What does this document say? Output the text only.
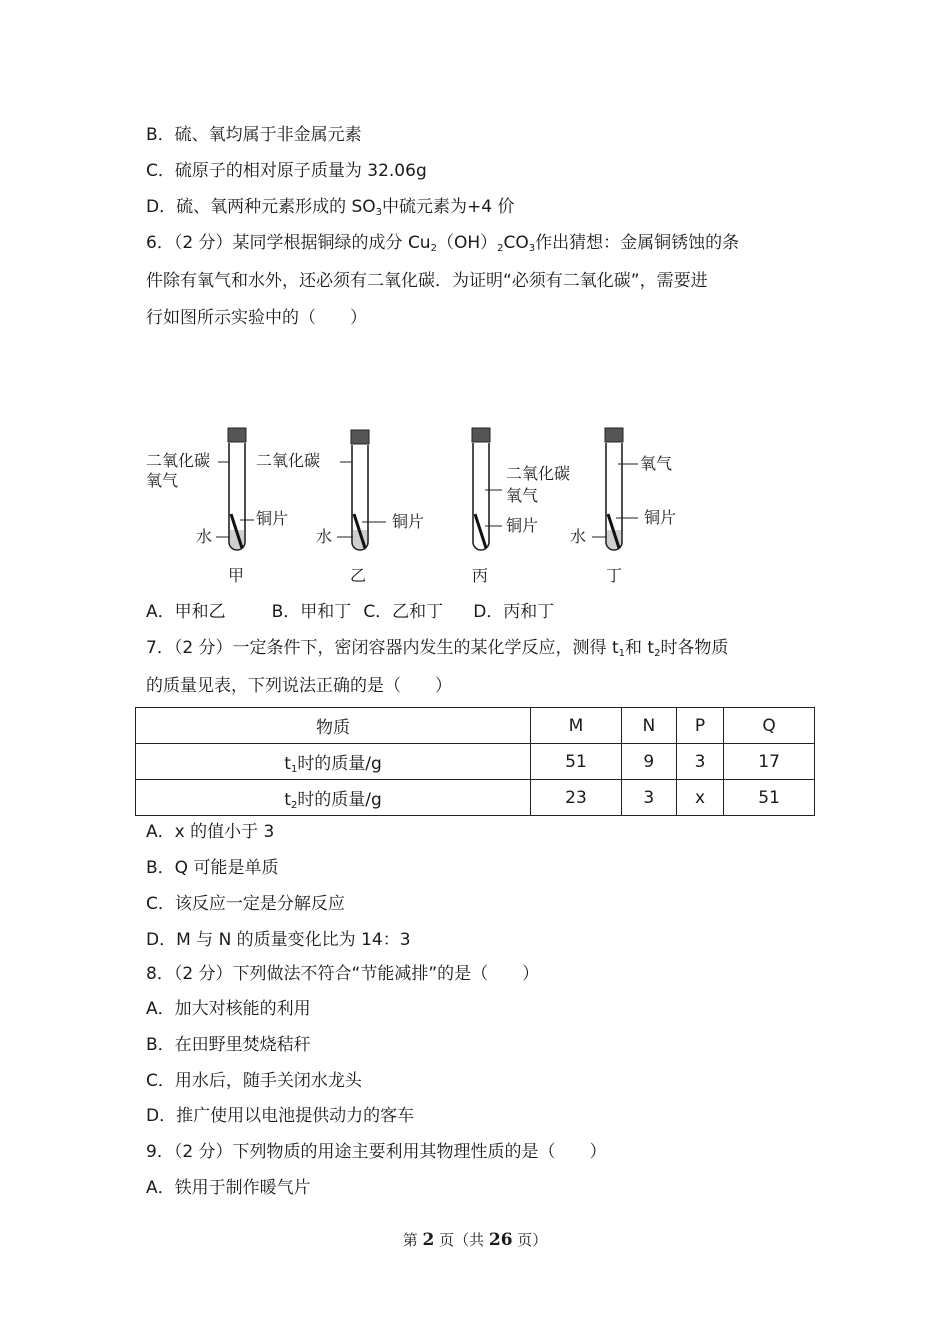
B．硫、氧均属于非金属元素
C．硫原子的相对原子质量为 32.06g
D．硫、氧两种元素形成的 $SO_3$中硫元素为+4 价
6．（2 分）某同学根据铜绿的成分 $Cu_2(OH)_2CO_3$作出猜想：金属铜锈蚀的条
件除有氧气和水外，还必须有二氧化碳．为证明“必须有二氧化碳”，需要进
行如图所示实验中的（　　）
二氧化碳
氧气
铜片
水
甲
二氧化碳
铜片
水
乙
二氧化碳
氧气
铜片
丙
氧气
铜片
水
丁
A．甲和乙	B．甲和丁 C．乙和丁 D．丙和丁
7．（2 分）一定条件下，密闭容器内发生的某化学反应，测得 $t_1$和 $t_2$时各物质
的质量见表，下列说法正确的是（　　）
物质	M	N	P	Q
$t_1$时的质量/g	51	9	3	17
$t_2$时的质量/g	23	3	x	51
A．x 的值小于 3
B．Q 可能是单质
C．该反应一定是分解反应
D．M 与 N 的质量变化比为 14：3
8．（2 分）下列做法不符合“节能减排”的是（　　）
A．加大对核能的利用
B．在田野里焚烧秸秆
C．用水后，随手关闭水龙头
D．推广使用以电池提供动力的客车
9．（2 分）下列物质的用途主要利用其物理性质的是（　　）
A．铁用于制作暖气片
第 2 页（共 26 页）
